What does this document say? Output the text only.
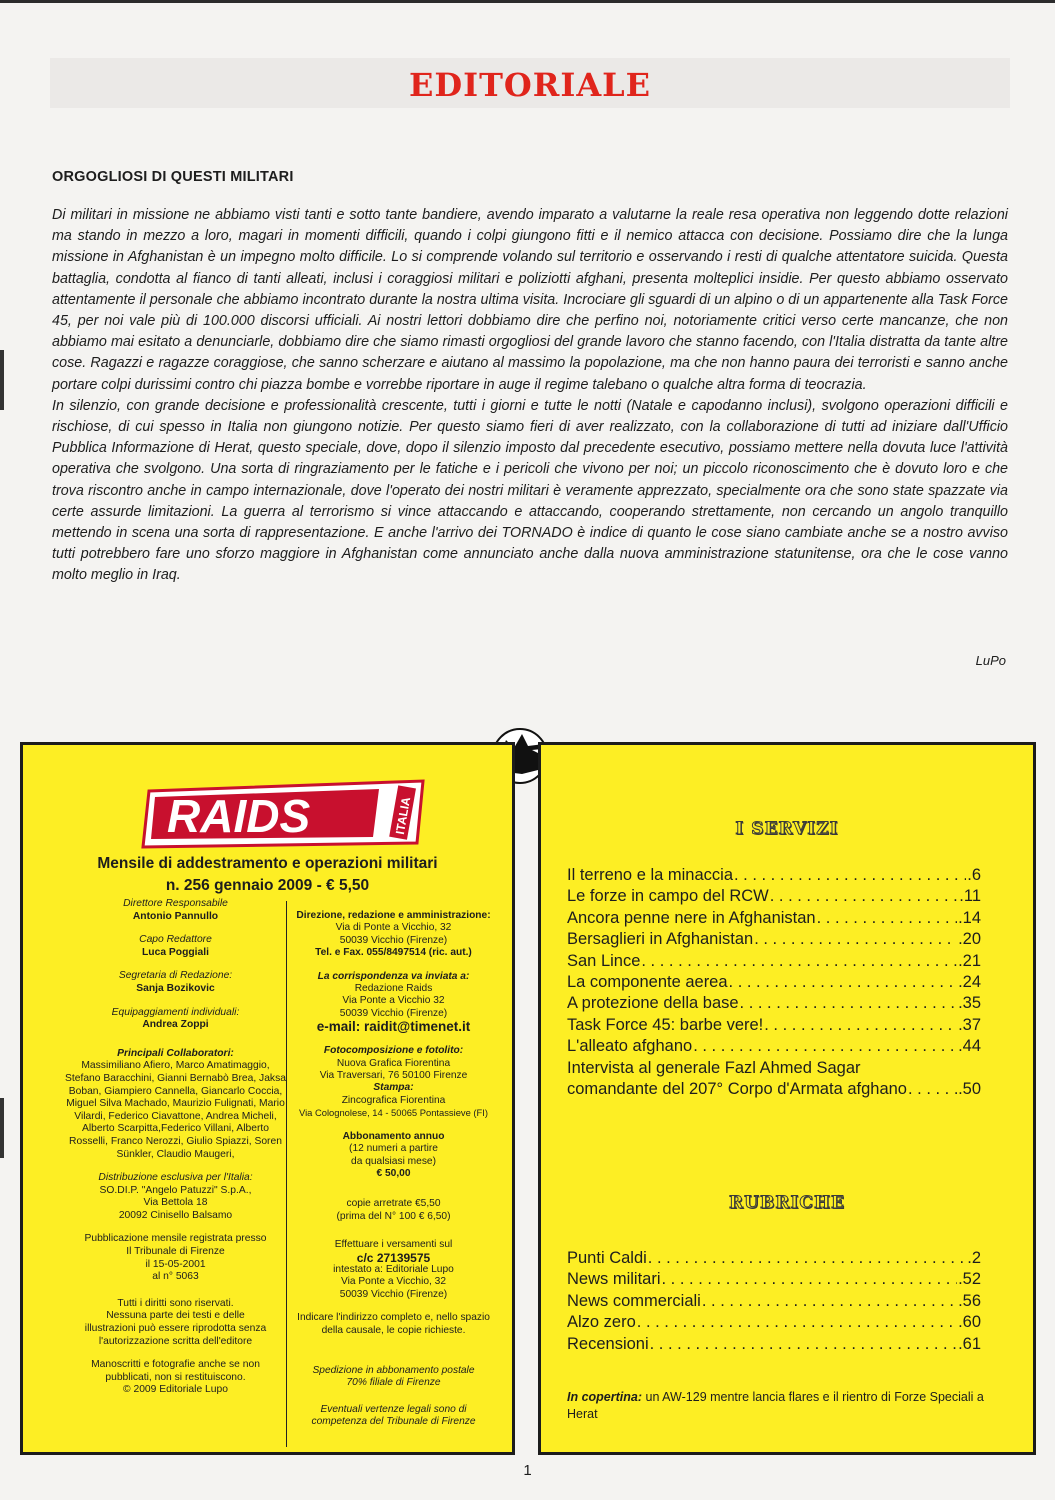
EDITORIALE
ORGOGLIOSI DI QUESTI MILITARI

Di militari in missione ne abbiamo visti tanti e sotto tante bandiere, avendo imparato a valutarne la reale resa operativa non leggendo dotte relazioni ma stando in mezzo a loro, magari in momenti difficili, quando i colpi giungono fitti e il nemico attacca con decisione. Possiamo dire che la lunga missione in Afghanistan è un impegno molto difficile. Lo si comprende volando sul territorio e osservando i resti di qualche attentatore suicida. Questa battaglia, condotta al fianco di tanti alleati, inclusi i coraggiosi militari e poliziotti afghani, presenta molteplici insidie. Per questo abbiamo osservato attentamente il personale che abbiamo incontrato durante la nostra ultima visita. Incrociare gli sguardi di un alpino o di un appartenente alla Task Force 45, per noi vale più di 100.000 discorsi ufficiali. Ai nostri lettori dobbiamo dire che perfino noi, notoriamente critici verso certe mancanze, che non abbiamo mai esitato a denunciarle, dobbiamo dire che siamo rimasti orgogliosi del grande lavoro che stanno facendo, con l'Italia distratta da tante altre cose. Ragazzi e ragazze coraggiose, che sanno scherzare e aiutano al massimo la popolazione, ma che non hanno paura dei terroristi e sanno anche portare colpi durissimi contro chi piazza bombe e vorrebbe riportare in auge il regime talebano o qualche altra forma di teocrazia.

In silenzio, con grande decisione e professionalità crescente, tutti i giorni e tutte le notti (Natale e capodanno inclusi), svolgono operazioni difficili e rischiose, di cui spesso in Italia non giungono notizie. Per questo siamo fieri di aver realizzato, con la collaborazione di tutti ad iniziare dall'Ufficio Pubblica Informazione di Herat, questo speciale, dove, dopo il silenzio imposto dal precedente esecutivo, possiamo mettere nella dovuta luce l'attività operativa che svolgono. Una sorta di ringraziamento per le fatiche e i pericoli che vivono per noi; un piccolo riconoscimento che è dovuto loro e che trova riscontro anche in campo internazionale, dove l'operato dei nostri militari è veramente apprezzato, specialmente ora che sono state spazzate via certe assurde limitazioni. La guerra al terrorismo si vince attaccando e attaccando, cooperando strettamente, non cercando un angolo tranquillo mettendo in scena una sorta di rappresentazione. E anche l'arrivo dei TORNADO è indice di quanto le cose siano cambiate anche se a nostro avviso tutti potrebbero fare uno sforzo maggiore in Afghanistan come annunciato anche dalla nuova amministrazione statunitense, ora che le cose vanno molto meglio in Iraq.

LuPo
RAIDS	ITALIA
Mensile di addestramento e operazioni militari
n. 256 gennaio 2009 - € 5,50
Direttore Responsabile
Antonio Pannullo
Capo Redattore
Luca Poggiali
Segretaria di Redazione:
Sanja Bozikovic
Equipaggiamenti individuali:
Andrea Zoppi
Principali Collaboratori:
Massimiliano Afiero, Marco Amatimaggio, Stefano Baracchini, Gianni Bernabò Brea, Jaksa Boban, Giampiero Cannella, Giancarlo Coccia, Miguel Silva Machado, Maurizio Fulignati, Mario Vilardi, Federico Ciavattone, Andrea Micheli, Alberto Scarpitta,Federico Villani, Alberto Rosselli, Franco Nerozzi, Giulio Spiazzi, Soren Sünkler, Claudio Maugeri,
Distribuzione esclusiva per l'Italia:
SO.DI.P. "Angelo Patuzzi" S.p.A.,
Via Bettola 18
20092 Cinisello Balsamo
Pubblicazione mensile registrata presso
Il Tribunale di Firenze
il 15-05-2001
al n° 5063
Tutti i diritti sono riservati.
Nessuna parte dei testi e delle
illustrazioni può essere riprodotta senza
l'autorizzazione scritta dell'editore
Manoscritti e fotografie anche se non
pubblicati, non si restituiscono.
© 2009 Editoriale Lupo
Direzione, redazione e amministrazione:
Via di Ponte a Vicchio, 32
50039 Vicchio (Firenze)
Tel. e Fax. 055/8497514 (ric. aut.)
La corrispondenza va inviata a:
Redazione Raids
Via Ponte a Vicchio 32
50039 Vicchio (Firenze)
e-mail: raidit@timenet.it
Fotocomposizione e fotolito:
Nuova Grafica Fiorentina
Via Traversari, 76 50100 Firenze
Stampa:
Zincografica Fiorentina
Via Colognolese, 14 - 50065 Pontassieve (FI)
Abbonamento annuo
(12 numeri a partire
da qualsiasi mese)
€ 50,00
copie arretrate €5,50
(prima del N° 100 € 6,50)
Effettuare i versamenti sul
c/c 27139575
intestato a: Editoriale Lupo
Via Ponte a Vicchio, 32
50039 Vicchio (Firenze)
Indicare l'indirizzo completo e, nello spazio
della causale, le copie richieste.
Spedizione in abbonamento postale
70% filiale di Firenze
Eventuali vertenze legali sono di
competenza del Tribunale di Firenze
I SERVIZI
Il terreno e la minaccia . . .	.6
Le forze in campo del RCW . . .	.11
Ancora penne nere in Afghanistan . . .	.14
Bersaglieri in Afghanistan . . .	.20
San Lince . . .	.21
La componente aerea . . .	.24
A protezione della base . . .	.35
Task Force 45: barbe vere! . . .	.37
L'alleato afghano . . .	.44
Intervista al generale Fazl Ahmed Sagar
comandante del 207° Corpo d'Armata afghano . . .	.50
RUBRICHE
Punti Caldi . . .	.2
News militari . . .	.52
News commerciali . . .	.56
Alzo zero . . .	.60
Recensioni . . .	.61
In copertina: un AW-129 mentre lancia flares e il rientro di Forze Speciali a Herat
1
